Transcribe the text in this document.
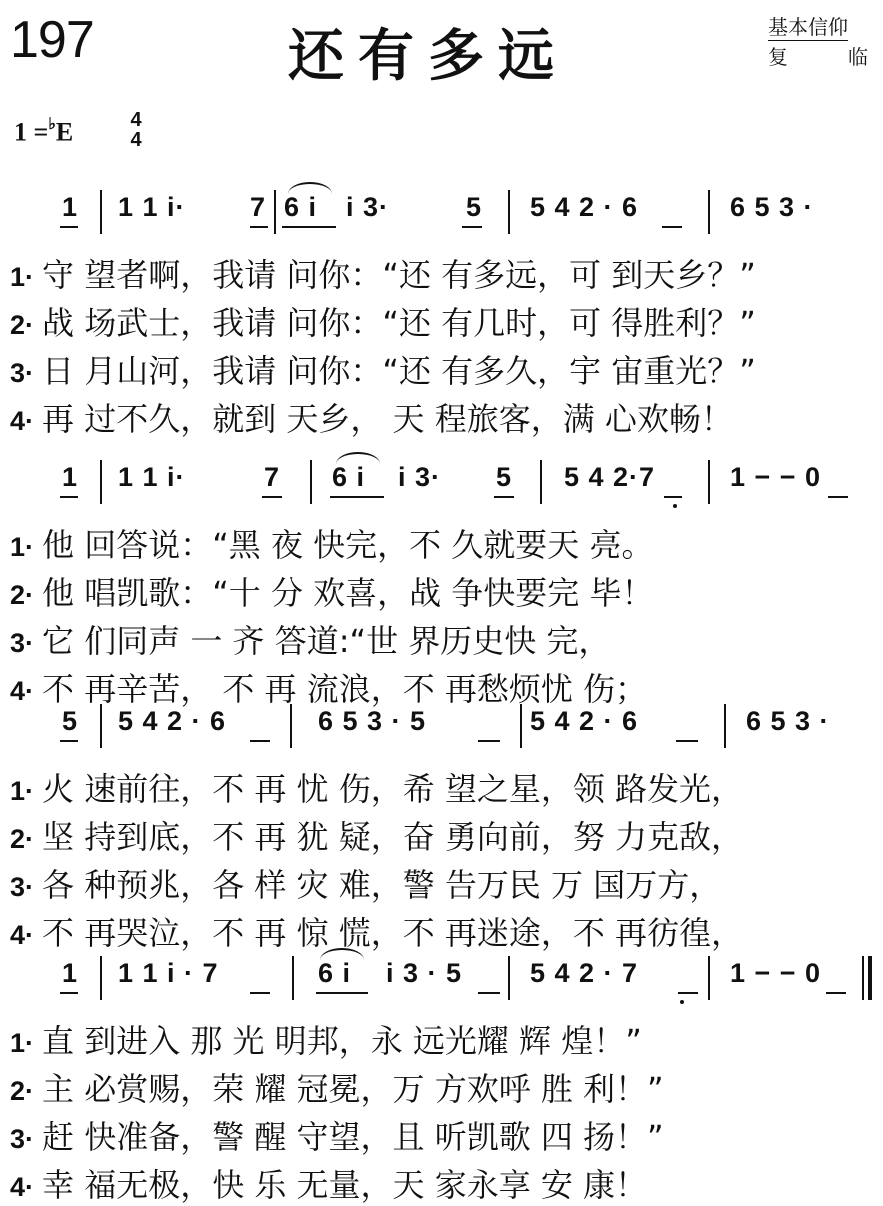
197	还有多远	基本信仰
复临
1 =♭E	4
4
1 1 1 i· 7 6 i i 3·	5 5 4 2 · 6	6 5 3 ·
1· 守 望者啊，我请 问你：“还 有多远，可 到天乡？”
2· 战 场武士，我请 问你：“还 有几时，可 得胜利？”
3· 日 月山河，我请 问你：“还 有多久，宇 宙重光？”
4· 再 过不久，就到 天乡， 天 程旅客，满 心欢畅！
1 1 1 i·	7 6 i i 3· 5 5 4 2·7	1 − − 0
1· 他 回答说：“黑 夜 快完，不 久就要天 亮。
2· 他 唱凯歌：“十 分 欢喜，战 争快要完 毕！
3· 它 们同声 一 齐 答道:“世 界历史快 完，
4· 不 再辛苦， 不 再 流浪，不 再愁烦忧 伤；
5 5 4 2 · 6	6 5 3 · 5	5 4 2 · 6	6 5 3 ·
1· 火 速前往，不 再 忧 伤，希 望之星，领 路发光，
2· 坚 持到底，不 再 犹 疑，奋 勇向前，努 力克敌，
3· 各 种预兆，各 样 灾 难，警 告万民 万 国万方，
4· 不 再哭泣，不 再 惊 慌，不 再迷途，不 再彷徨，
1 1 1 i · 7	6 i i 3 · 5	5 4 2 · 7	1 − − 0
1· 直 到进入 那 光 明邦，永 远光耀 辉 煌！”
2· 主 必赏赐，荣 耀 冠冕，万 方欢呼 胜 利！”
3· 赶 快准备，警 醒 守望，且 听凯歌 四 扬！”
4· 幸 福无极，快 乐 无量，天 家永享 安 康！
